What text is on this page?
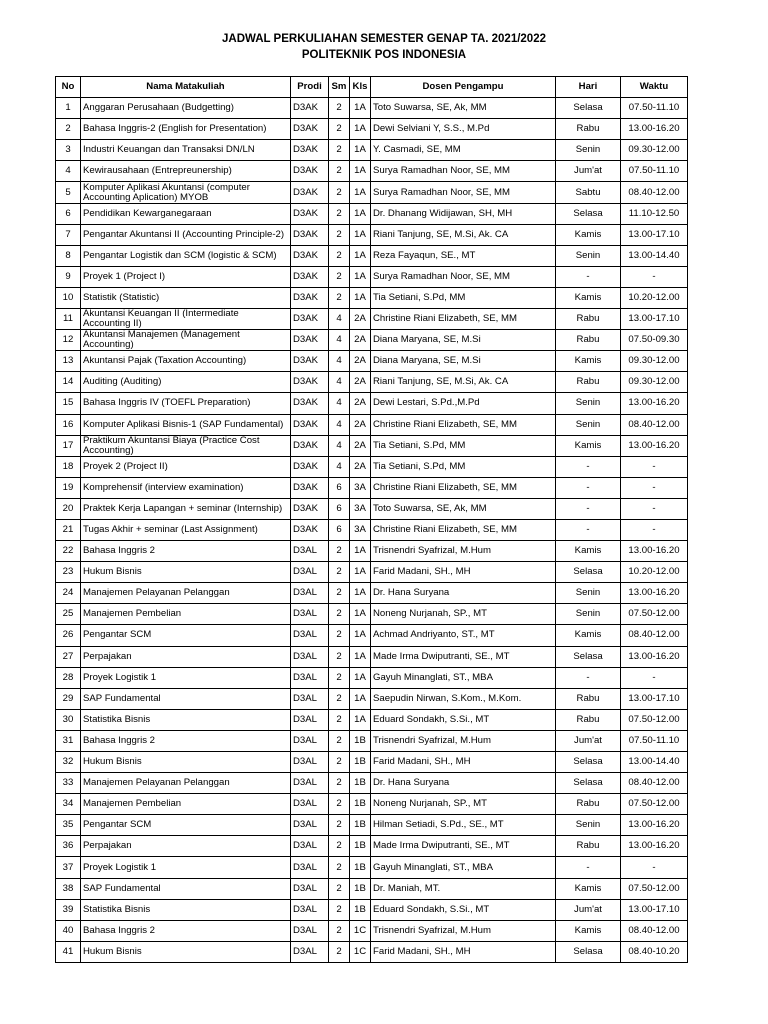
JADWAL PERKULIAHAN SEMESTER GENAP TA. 2021/2022
POLITEKNIK POS INDONESIA
No	Nama Matakuliah	Prodi	Sm	Kls	Dosen Pengampu	Hari	Waktu
1	Anggaran Perusahaan (Budgetting)	D3AK	2	1A	Toto Suwarsa, SE, Ak, MM	Selasa	07.50-11.10
2	Bahasa Inggris-2 (English for Presentation)	D3AK	2	1A	Dewi Selviani Y, S.S., M.Pd	Rabu	13.00-16.20
3	Industri Keuangan dan Transaksi DN/LN	D3AK	2	1A	Y. Casmadi, SE, MM	Senin	09.30-12.00
4	Kewirausahaan (Entrepreunership)	D3AK	2	1A	Surya Ramadhan Noor, SE, MM	Jum'at	07.50-11.10
5	Komputer Aplikasi Akuntansi (computer Accounting Aplication) MYOB	D3AK	2	1A	Surya Ramadhan Noor, SE, MM	Sabtu	08.40-12.00
6	Pendidikan Kewarganegaraan	D3AK	2	1A	Dr. Dhanang Widijawan, SH, MH	Selasa	11.10-12.50
7	Pengantar Akuntansi II (Accounting Principle-2)	D3AK	2	1A	Riani Tanjung, SE, M.Si, Ak. CA	Kamis	13.00-17.10
8	Pengantar Logistik dan SCM (logistic & SCM)	D3AK	2	1A	Reza Fayaqun, SE., MT	Senin	13.00-14.40
9	Proyek 1 (Project I)	D3AK	2	1A	Surya Ramadhan Noor, SE, MM	-	-
10	Statistik (Statistic)	D3AK	2	1A	Tia Setiani, S.Pd, MM	Kamis	10.20-12.00
11	Akuntansi Keuangan II (Intermediate Accounting II)	D3AK	4	2A	Christine Riani Elizabeth, SE, MM	Rabu	13.00-17.10
12	Akuntansi Manajemen (Management Accounting)	D3AK	4	2A	Diana Maryana, SE, M.Si	Rabu	07.50-09.30
13	Akuntansi Pajak (Taxation Accounting)	D3AK	4	2A	Diana Maryana, SE, M.Si	Kamis	09.30-12.00
14	Auditing (Auditing)	D3AK	4	2A	Riani Tanjung, SE, M.Si, Ak. CA	Rabu	09.30-12.00
15	Bahasa Inggris IV (TOEFL Preparation)	D3AK	4	2A	Dewi Lestari, S.Pd.,M.Pd	Senin	13.00-16.20
16	Komputer Aplikasi Bisnis-1 (SAP Fundamental)	D3AK	4	2A	Christine Riani Elizabeth, SE, MM	Senin	08.40-12.00
17	Praktikum Akuntansi Biaya (Practice Cost Accounting)	D3AK	4	2A	Tia Setiani, S.Pd, MM	Kamis	13.00-16.20
18	Proyek 2 (Project II)	D3AK	4	2A	Tia Setiani, S.Pd, MM	-	-
19	Komprehensif (interview examination)	D3AK	6	3A	Christine Riani Elizabeth, SE, MM	-	-
20	Praktek Kerja Lapangan + seminar (Internship)	D3AK	6	3A	Toto Suwarsa, SE, Ak, MM	-	-
21	Tugas Akhir + seminar (Last Assignment)	D3AK	6	3A	Christine Riani Elizabeth, SE, MM	-	-
22	Bahasa Inggris 2	D3AL	2	1A	Trisnendri Syafrizal, M.Hum	Kamis	13.00-16.20
23	Hukum Bisnis	D3AL	2	1A	Farid Madani, SH., MH	Selasa	10.20-12.00
24	Manajemen Pelayanan Pelanggan	D3AL	2	1A	Dr. Hana Suryana	Senin	13.00-16.20
25	Manajemen Pembelian	D3AL	2	1A	Noneng Nurjanah, SP., MT	Senin	07.50-12.00
26	Pengantar SCM	D3AL	2	1A	Achmad Andriyanto, ST., MT	Kamis	08.40-12.00
27	Perpajakan	D3AL	2	1A	Made Irma Dwiputranti, SE., MT	Selasa	13.00-16.20
28	Proyek Logistik 1	D3AL	2	1A	Gayuh Minanglati, ST., MBA	-	-
29	SAP Fundamental	D3AL	2	1A	Saepudin Nirwan, S.Kom., M.Kom.	Rabu	13.00-17.10
30	Statistika Bisnis	D3AL	2	1A	Eduard Sondakh, S.Si., MT	Rabu	07.50-12.00
31	Bahasa Inggris 2	D3AL	2	1B	Trisnendri Syafrizal, M.Hum	Jum'at	07.50-11.10
32	Hukum Bisnis	D3AL	2	1B	Farid Madani, SH., MH	Selasa	13.00-14.40
33	Manajemen Pelayanan Pelanggan	D3AL	2	1B	Dr. Hana Suryana	Selasa	08.40-12.00
34	Manajemen Pembelian	D3AL	2	1B	Noneng Nurjanah, SP., MT	Rabu	07.50-12.00
35	Pengantar SCM	D3AL	2	1B	Hilman Setiadi, S.Pd., SE., MT	Senin	13.00-16.20
36	Perpajakan	D3AL	2	1B	Made Irma Dwiputranti, SE., MT	Rabu	13.00-16.20
37	Proyek Logistik 1	D3AL	2	1B	Gayuh Minanglati, ST., MBA	-	-
38	SAP Fundamental	D3AL	2	1B	Dr. Maniah, MT.	Kamis	07.50-12.00
39	Statistika Bisnis	D3AL	2	1B	Eduard Sondakh, S.Si., MT	Jum'at	13.00-17.10
40	Bahasa Inggris 2	D3AL	2	1C	Trisnendri Syafrizal, M.Hum	Kamis	08.40-12.00
41	Hukum Bisnis	D3AL	2	1C	Farid Madani, SH., MH	Selasa	08.40-10.20
